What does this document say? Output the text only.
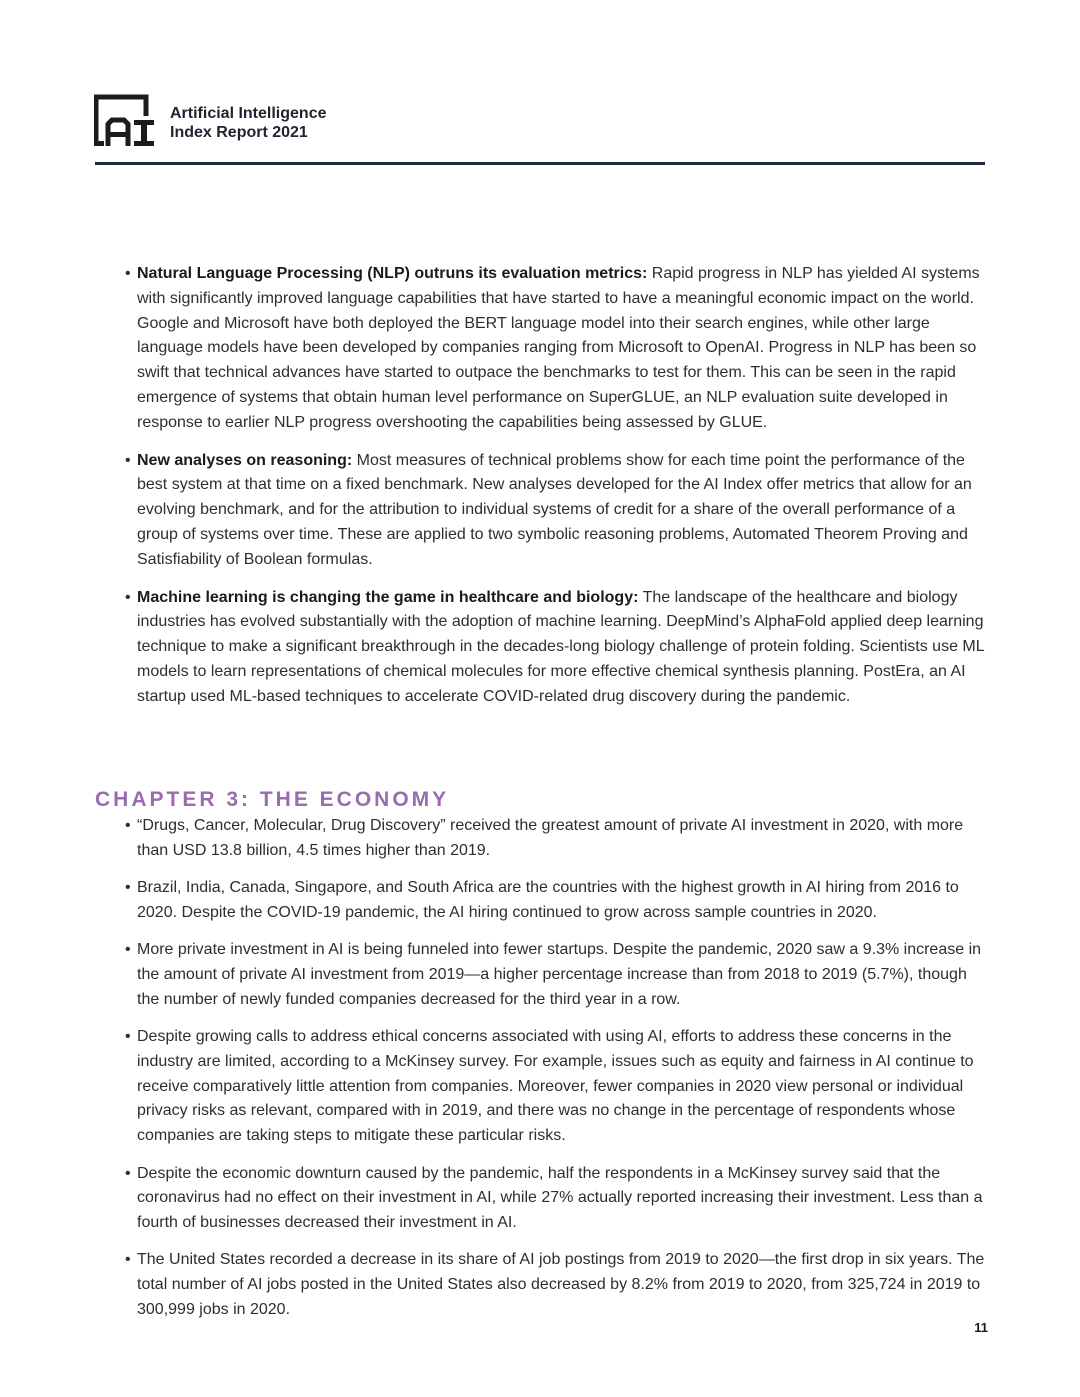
Artificial Intelligence
Index Report 2021
• Natural Language Processing (NLP) outruns its evaluation metrics: Rapid progress in NLP has yielded AI systems with significantly improved language capabilities that have started to have a meaningful economic impact on the world. Google and Microsoft have both deployed the BERT language model into their search engines, while other large language models have been developed by companies ranging from Microsoft to OpenAI. Progress in NLP has been so swift that technical advances have started to outpace the benchmarks to test for them. This can be seen in the rapid emergence of systems that obtain human level performance on SuperGLUE, an NLP evaluation suite developed in response to earlier NLP progress overshooting the capabilities being assessed by GLUE.
• New analyses on reasoning: Most measures of technical problems show for each time point the performance of the best system at that time on a fixed benchmark. New analyses developed for the AI Index offer metrics that allow for an evolving benchmark, and for the attribution to individual systems of credit for a share of the overall performance of a group of systems over time. These are applied to two symbolic reasoning problems, Automated Theorem Proving and Satisfiability of Boolean formulas.
• Machine learning is changing the game in healthcare and biology: The landscape of the healthcare and biology industries has evolved substantially with the adoption of machine learning. DeepMind’s AlphaFold applied deep learning technique to make a significant breakthrough in the decades-long biology challenge of protein folding. Scientists use ML models to learn representations of chemical molecules for more effective chemical synthesis planning. PostEra, an AI startup used ML-based techniques to accelerate COVID-related drug discovery during the pandemic.
CHAPTER 3: THE ECONOMY
• “Drugs, Cancer, Molecular, Drug Discovery” received the greatest amount of private AI investment in 2020, with more than USD 13.8 billion, 4.5 times higher than 2019.
• Brazil, India, Canada, Singapore, and South Africa are the countries with the highest growth in AI hiring from 2016 to 2020. Despite the COVID-19 pandemic, the AI hiring continued to grow across sample countries in 2020.
• More private investment in AI is being funneled into fewer startups. Despite the pandemic, 2020 saw a 9.3% increase in the amount of private AI investment from 2019—a higher percentage increase than from 2018 to 2019 (5.7%), though the number of newly funded companies decreased for the third year in a row.
• Despite growing calls to address ethical concerns associated with using AI, efforts to address these concerns in the industry are limited, according to a McKinsey survey. For example, issues such as equity and fairness in AI continue to receive comparatively little attention from companies. Moreover, fewer companies in 2020 view personal or individual privacy risks as relevant, compared with in 2019, and there was no change in the percentage of respondents whose companies are taking steps to mitigate these particular risks.
• Despite the economic downturn caused by the pandemic, half the respondents in a McKinsey survey said that the coronavirus had no effect on their investment in AI, while 27% actually reported increasing their investment. Less than a fourth of businesses decreased their investment in AI.
• The United States recorded a decrease in its share of AI job postings from 2019 to 2020—the first drop in six years. The total number of AI jobs posted in the United States also decreased by 8.2% from 2019 to 2020, from 325,724 in 2019 to 300,999 jobs in 2020.
11
